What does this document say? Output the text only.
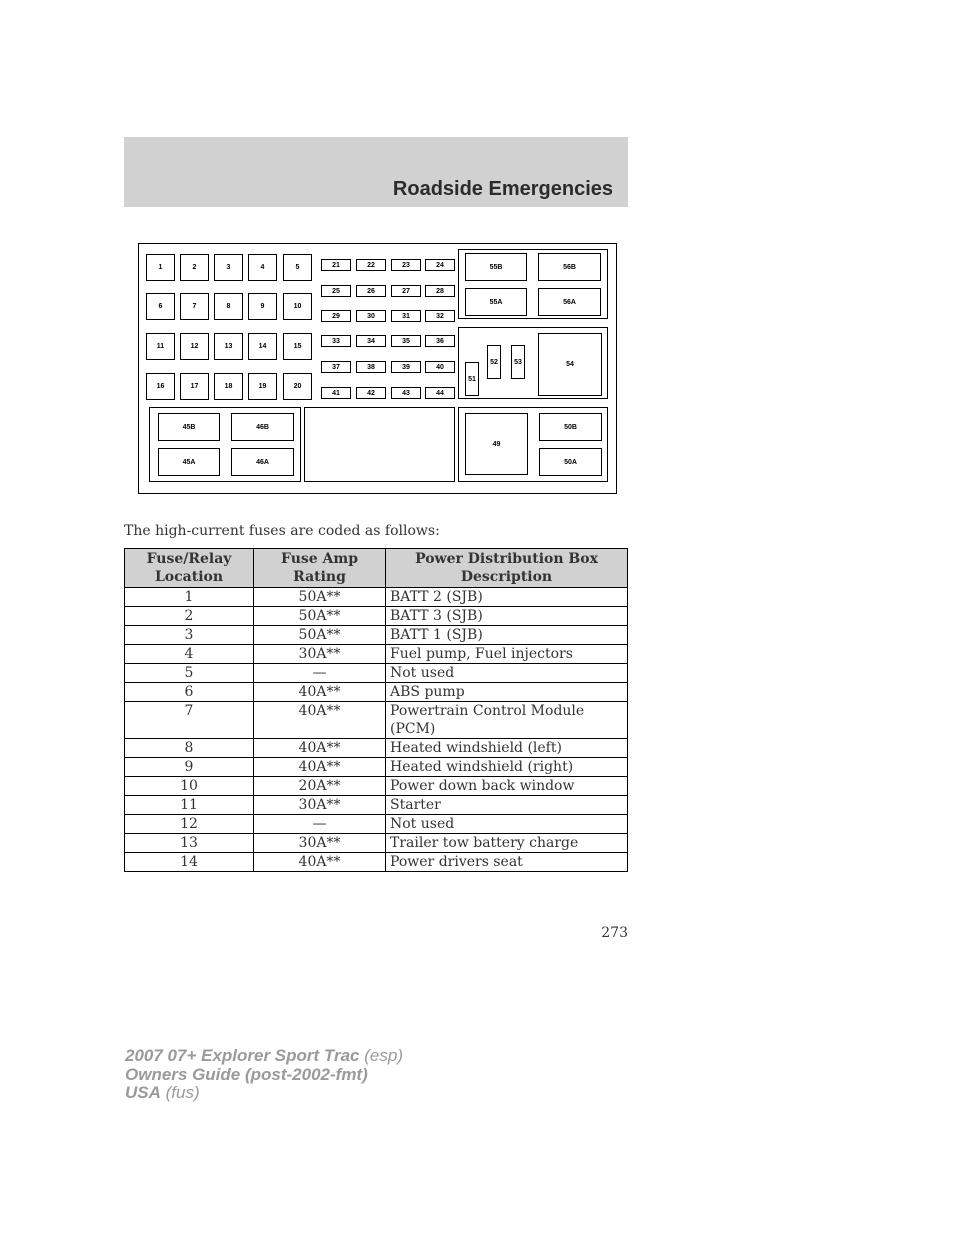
Roadside Emergencies
1	2	3	4	5
6	7	8	9	10
11	12	13	14	15
16	17	18	19	20
21	22	23	24
25	26	27	28
29	30	31	32
33	34	35	36
37	38	39	40
41	42	43	44
55B	56B
55A	56A
52	53
51
54
45B	46B
45A	46A
49
50B
50A
The high-current fuses are coded as follows:
Fuse/Relay Location	Fuse Amp Rating	Power Distribution Box Description
1	50A**	BATT 2 (SJB)
2	50A**	BATT 3 (SJB)
3	50A**	BATT 1 (SJB)
4	30A**	Fuel pump, Fuel injectors
5	—	Not used
6	40A**	ABS pump
7	40A**	Powertrain Control Module (PCM)
8	40A**	Heated windshield (left)
9	40A**	Heated windshield (right)
10	20A**	Power down back window
11	30A**	Starter
12	—	Not used
13	30A**	Trailer tow battery charge
14	40A**	Power drivers seat
273
2007 07+ Explorer Sport Trac (esp)
Owners Guide (post-2002-fmt)
USA (fus)
